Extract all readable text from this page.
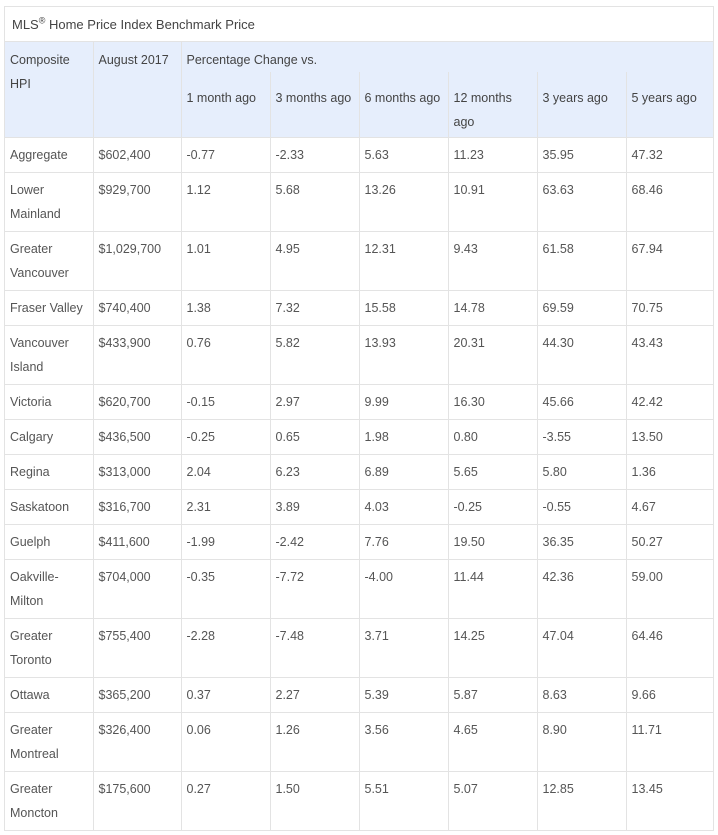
MLS® Home Price Index Benchmark Price
Composite HPI	August 2017	Percentage Change vs.					
		1 month ago	3 months ago	6 months ago	12 months ago	3 years ago	5 years ago
Aggregate	$602,400	-0.77	-2.33	5.63	11.23	35.95	47.32
Lower Mainland	$929,700	1.12	5.68	13.26	10.91	63.63	68.46
Greater Vancouver	$1,029,700	1.01	4.95	12.31	9.43	61.58	67.94
Fraser Valley	$740,400	1.38	7.32	15.58	14.78	69.59	70.75
Vancouver Island	$433,900	0.76	5.82	13.93	20.31	44.30	43.43
Victoria	$620,700	-0.15	2.97	9.99	16.30	45.66	42.42
Calgary	$436,500	-0.25	0.65	1.98	0.80	-3.55	13.50
Regina	$313,000	2.04	6.23	6.89	5.65	5.80	1.36
Saskatoon	$316,700	2.31	3.89	4.03	-0.25	-0.55	4.67
Guelph	$411,600	-1.99	-2.42	7.76	19.50	36.35	50.27
Oakville-Milton	$704,000	-0.35	-7.72	-4.00	11.44	42.36	59.00
Greater Toronto	$755,400	-2.28	-7.48	3.71	14.25	47.04	64.46
Ottawa	$365,200	0.37	2.27	5.39	5.87	8.63	9.66
Greater Montreal	$326,400	0.06	1.26	3.56	4.65	8.90	11.71
Greater Moncton	$175,600	0.27	1.50	5.51	5.07	12.85	13.45
